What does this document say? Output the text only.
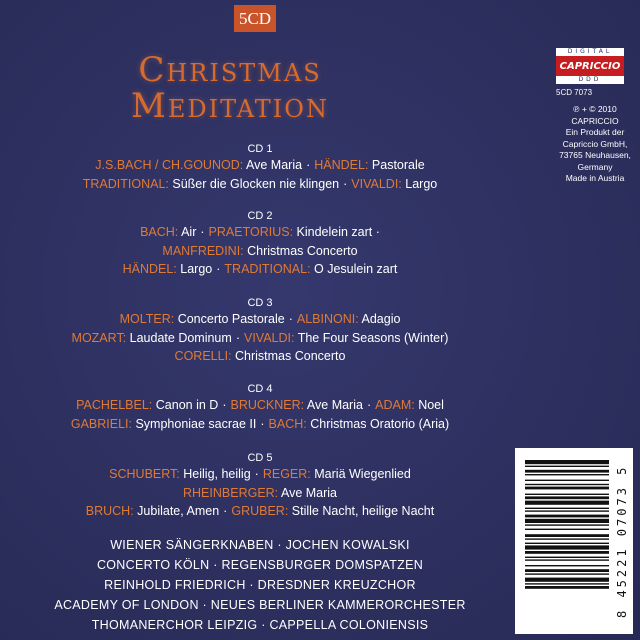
5CD
Christmas
Meditation
DIGITAL
CAPRICCIO
DDD
5CD 7073
℗ + © 2010
CAPRICCIO
Ein Produkt der
Capriccio GmbH,
73765 Neuhausen,
Germany
Made in Austria
CD 1
J.S.BACH / CH.GOUNOD: Ave Maria · HÄNDEL: Pastorale
TRADITIONAL: Süßer die Glocken nie klingen · VIVALDI: Largo
CD 2
BACH: Air · PRAETORIUS: Kindelein zart ·
MANFREDINI: Christmas Concerto
HÄNDEL: Largo · TRADITIONAL: O Jesulein zart
CD 3
MOLTER: Concerto Pastorale · ALBINONI: Adagio
MOZART: Laudate Dominum · VIVALDI: The Four Seasons (Winter)
CORELLI: Christmas Concerto
CD 4
PACHELBEL: Canon in D · BRUCKNER: Ave Maria · ADAM: Noel
GABRIELI: Symphoniae sacrae II · BACH: Christmas Oratorio (Aria)
CD 5
SCHUBERT: Heilig, heilig · REGER: Mariä Wiegenlied
RHEINBERGER: Ave Maria
BRUCH: Jubilate, Amen · GRUBER: Stille Nacht, heilige Nacht
WIENER SÄNGERKNABEN · JOCHEN KOWALSKI
CONCERTO KÖLN · REGENSBURGER DOMSPATZEN
REINHOLD FRIEDRICH · DRESDNER KREUZCHOR
ACADEMY OF LONDON · NEUES BERLINER KAMMERORCHESTER
THOMANERCHOR LEIPZIG · CAPPELLA COLONIENSIS
8 45221 07073 5
